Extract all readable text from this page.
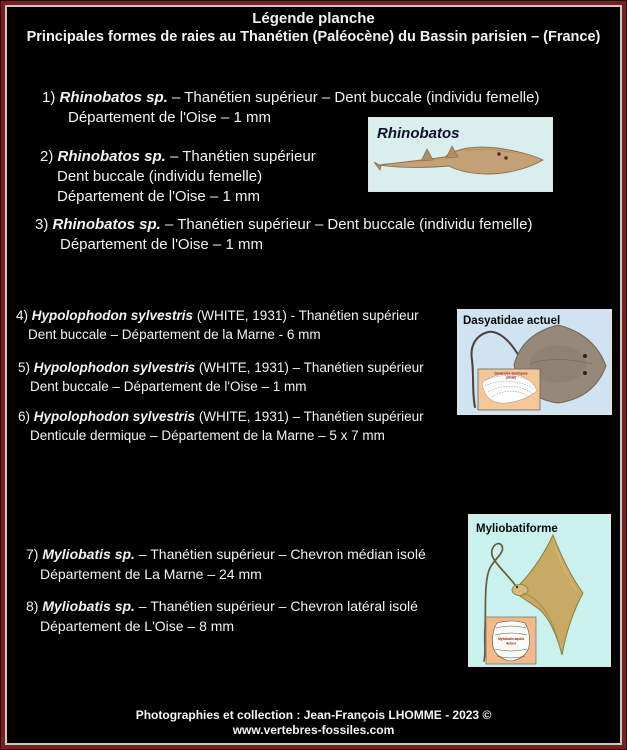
Légende planche
Principales formes de raies au Thanétien (Paléocène) du Bassin parisien – (France)
1) Rhinobatos sp. – Thanétien supérieur – Dent buccale (individu femelle)
Département de l'Oise – 1 mm
2) Rhinobatos sp. – Thanétien supérieur
Dent buccale (individu femelle)
Département de l'Oise – 1 mm
3) Rhinobatos sp. – Thanétien supérieur – Dent buccale (individu femelle)
Département de l'Oise – 1 mm
4) Hypolophodon sylvestris (WHITE, 1931) - Thanétien supérieur
Dent buccale – Département de la Marne - 6 mm
5) Hypolophodon sylvestris (WHITE, 1931) – Thanétien supérieur
Dent buccale – Département de l'Oise – 1 mm
6) Hypolophodon sylvestris (WHITE, 1931) – Thanétien supérieur
Denticule dermique – Département de la Marne – 5 x 7 mm
7) Myliobatis sp. – Thanétien supérieur – Chevron médian isolé
Département de La Marne – 24 mm
8) Myliobatis sp. – Thanétien supérieur – Chevron latéral isolé
Département de L'Oise – 8 mm
Rhinobatos
Denticules dermiques
(détail)
Dasyatidae actuel
Myliobatis aquila
Actuel
Myliobatiforme
Photographies et collection : Jean-François LHOMME - 2023 ©
www.vertebres-fossiles.com
